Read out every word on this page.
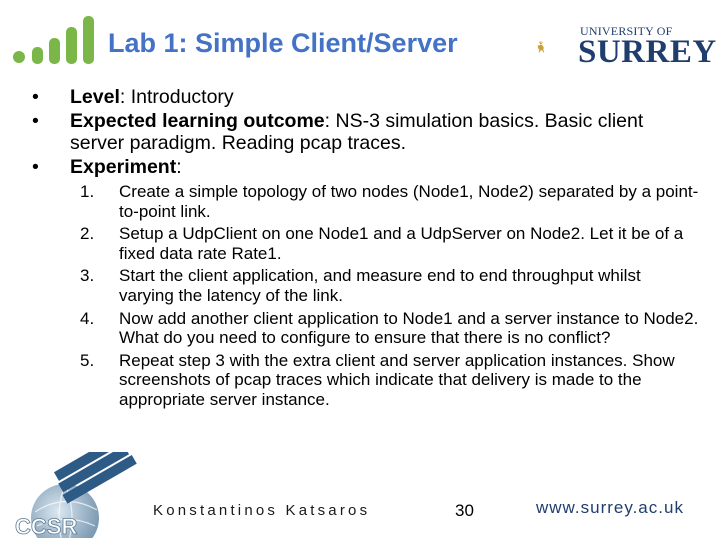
Lab 1: Simple Client/Server	UNIVERSITY OF
SURREY
• Level: Introductory
• Expected learning outcome: NS-3 simulation basics. Basic client server paradigm. Reading pcap traces.
• Experiment:
1. Create a simple topology of two nodes (Node1, Node2) separated by a point-to-point link.
2. Setup a UdpClient on one Node1 and a UdpServer on Node2. Let it be of a fixed data rate Rate1.
3. Start the client application, and measure end to end throughput whilst varying the latency of the link.
4. Now add another client application to Node1 and a server instance to Node2. What do you need to configure to ensure that there is no conflict?
5. Repeat step 3 with the extra client and server application instances. Show screenshots of pcap traces which indicate that delivery is made to the appropriate server instance.
CCSR
Konstantinos Katsaros	30	www.surrey.ac.uk
